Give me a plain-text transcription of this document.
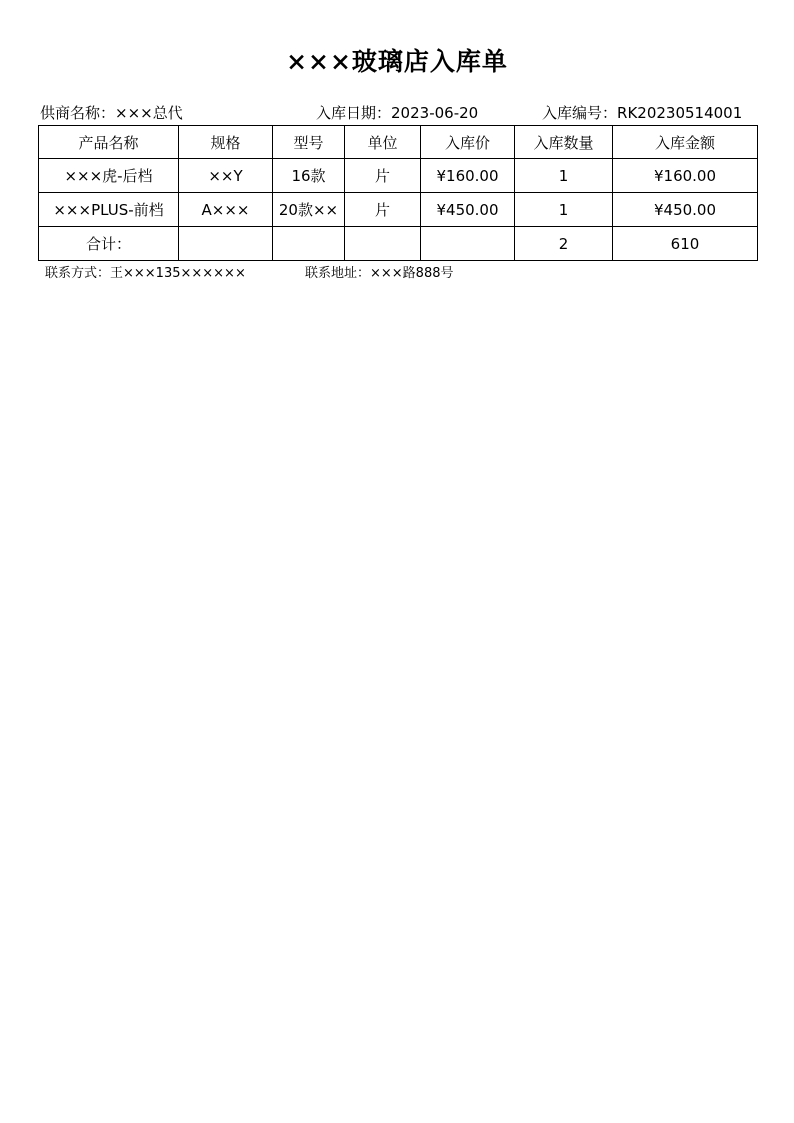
×××玻璃店入库单
供商名称：×××总代	入库日期：2023-06-20	入库编号：RK20230514001
产品名称	规格	型号	单位	入库价	入库数量	入库金额
×××虎-后档	××Y	16款	片	¥160.00	1	¥160.00
×××PLUS-前档	A×××	20款××	片	¥450.00	1	¥450.00
合计：					2	610
联系方式：王×××135××××××	联系地址：×××路888号
